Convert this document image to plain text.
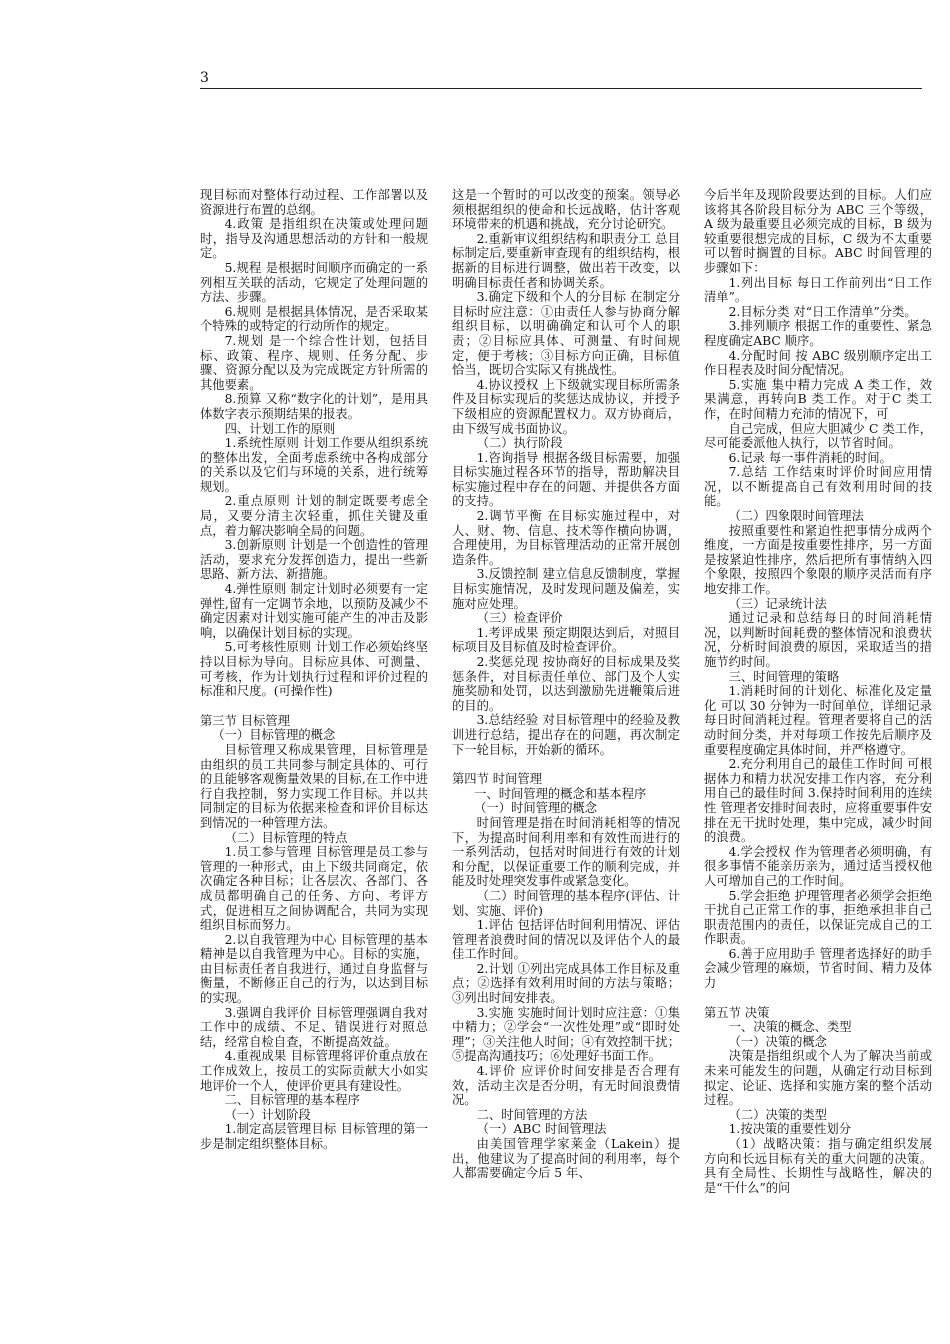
3

现目标而对整体行动过程、工作部署以及资源进行布置的总纲。

4.政策 是指组织在决策或处理问题时，指导及沟通思想活动的方针和一般规定。

5.规程 是根据时间顺序而确定的一系列相互关联的活动，它规定了处理问题的方法、步骤。

6.规则 是根据具体情况，是否采取某个特殊的或特定的行动所作的规定。

7.规划 是一个综合性计划，包括目标、政策、程序、规则、任务分配、步骤、资源分配以及为完成既定方针所需的其他要素。

8.预算 又称“数字化的计划”，是用具体数字表示预期结果的报表。

四、计划工作的原则

1.系统性原则 计划工作要从组织系统的整体出发，全面考虑系统中各构成部分的关系以及它们与环境的关系，进行统筹规划。

2.重点原则 计划的制定既要考虑全局，又要分清主次轻重，抓住关键及重点，着力解决影响全局的问题。

3.创新原则 计划是一个创造性的管理活动，要求充分发挥创造力，提出一些新思路、新方法、新措施。

4.弹性原则 制定计划时必须要有一定弹性,留有一定调节余地，以预防及减少不确定因素对计划实施可能产生的冲击及影响，以确保计划目标的实现。

5.可考核性原则 计划工作必须始终坚持以目标为导向。目标应具体、可测量、可考核，作为计划执行过程和评价过程的标准和尺度。(可操作性)

第三节 目标管理

（一）目标管理的概念

目标管理又称成果管理，目标管理是由组织的员工共同参与制定具体的、可行的且能够客观衡量效果的目标,在工作中进行自我控制，努力实现工作目标。并以共同制定的目标为依据来检查和评价目标达到情况的一种管理方法。

（二）目标管理的特点

1.员工参与管理 目标管理是员工参与管理的一种形式，由上下级共同商定，依次确定各种目标；让各层次、各部门、各成员都明确自己的任务、方向、考评方式，促进相互之间协调配合，共同为实现组织目标而努力。

2.以自我管理为中心 目标管理的基本精神是以自我管理为中心。目标的实施，由目标责任者自我进行，通过自身监督与衡量，不断修正自己的行为，以达到目标的实现。

3.强调自我评价 目标管理强调自我对工作中的成绩、不足、错误进行对照总结，经常自检自查，不断提高效益。

4.重视成果 目标管理将评价重点放在工作成效上，按员工的实际贡献大小如实地评价一个人，使评价更具有建设性。

二、目标管理的基本程序

（一）计划阶段

1.制定高层管理目标 目标管理的第一步是制定组织整体目标。

这是一个暂时的可以改变的预案。领导必须根据组织的使命和长远战略，估计客观环境带来的机遇和挑战，充分讨论研究。

2.重新审议组织结构和职责分工 总目标制定后,要重新审查现有的组织结构，根据新的目标进行调整，做出若干改变，以明确目标责任者和协调关系。

3.确定下级和个人的分目标 在制定分目标时应注意：①由责任人参与协商分解组织目标，以明确确定和认可个人的职责；②目标应具体、可测量、有时间规定，便于考核；③目标方向正确，目标值恰当，既切合实际又有挑战性。

4.协议授权 上下级就实现目标所需条件及目标实现后的奖惩达成协议，并授予下级相应的资源配置权力。双方协商后，由下级写成书面协议。

（二）执行阶段

1.咨询指导 根据各级目标需要，加强目标实施过程各环节的指导，帮助解决目标实施过程中存在的问题、并提供各方面的支持。

2.调节平衡 在目标实施过程中，对人、财、物、信息、技术等作横向协调，合理使用，为目标管理活动的正常开展创造条件。

3.反馈控制 建立信息反馈制度，掌握目标实施情况，及时发现问题及偏差，实施对应处理。

（三）检查评价

1.考评成果 预定期限达到后，对照目标项目及目标值及时检查评价。

2.奖惩兑现 按协商好的目标成果及奖惩条件，对目标责任单位、部门及个人实施奖励和处罚，以达到激励先进鞭策后进的目的。

3.总结经验 对目标管理中的经验及教训进行总结，提出存在的问题，再次制定下一轮目标，开始新的循环。

第四节 时间管理

一、时间管理的概念和基本程序

（一）时间管理的概念

时间管理是指在时间消耗相等的情况下，为提高时间利用率和有效性而进行的一系列活动，包括对时间进行有效的计划和分配，以保证重要工作的顺利完成，并能及时处理突发事件或紧急变化。

（二）时间管理的基本程序(评估、计划、实施、评价)

1.评估 包括评估时间利用情况、评估管理者浪费时间的情况以及评估个人的最佳工作时间。

2.计划 ①列出完成具体工作目标及重点；②选择有效利用时间的方法与策略；③列出时间安排表。

3.实施 实施时间计划时应注意：①集中精力；②学会“一次性处理”或“即时处理”；③关注他人时间；④有效控制干扰；⑤提高沟通技巧；⑥处理好书面工作。

4.评价 应评价时间安排是否合理有效，活动主次是否分明，有无时间浪费情况。

二、时间管理的方法

（一）ABC 时间管理法

由美国管理学家莱金（Lakein）提出，他建议为了提高时间的利用率，每个人都需要确定今后 5 年、

今后半年及现阶段要达到的目标。人们应该将其各阶段目标分为 ABC 三个等级，A 级为最重要且必须完成的目标，B 级为较重要很想完成的目标，C 级为不太重要可以暂时搁置的目标。ABC 时间管理的步骤如下：

1.列出目标 每日工作前列出“日工作清单”。

2.目标分类 对“日工作清单”分类。

3.排列顺序 根据工作的重要性、紧急程度确定ABC 顺序。

4.分配时间 按 ABC 级别顺序定出工作日程表及时间分配情况。

5.实施 集中精力完成 A 类工作，效果满意，再转向B 类工作。对于C 类工作，在时间精力充沛的情况下，可

自己完成，但应大胆减少 C 类工作，尽可能委派他人执行，以节省时间。

6.记录 每一事件消耗的时间。

7.总结 工作结束时评价时间应用情况，以不断提高自己有效利用时间的技能。

（二）四象限时间管理法

按照重要性和紧迫性把事情分成两个维度，一方面是按重要性排序，另一方面是按紧迫性排序，然后把所有事情纳入四个象限，按照四个象限的顺序灵活而有序地安排工作。

（三）记录统计法

通过记录和总结每日的时间消耗情况，以判断时间耗费的整体情况和浪费状况，分析时间浪费的原因，采取适当的措施节约时间。

三、时间管理的策略

1.消耗时间的计划化、标准化及定量化 可以 30 分钟为一时间单位，详细记录每日时间消耗过程。管理者要将自己的活动时间分类，并对每项工作按先后顺序及重要程度确定具体时间，并严格遵守。

2.充分利用自己的最佳工作时间 可根据体力和精力状况安排工作内容，充分利用自己的最佳时间 3.保持时间利用的连续性 管理者安排时间表时，应将重要事件安排在无干扰时处理，集中完成，减少时间的浪费。

4.学会授权 作为管理者必须明确，有很多事情不能亲历亲为，通过适当授权他人可增加自己的工作时间。

5.学会拒绝 护理管理者必须学会拒绝干扰自己正常工作的事，拒绝承担非自己职责范围内的责任，以保证完成自己的工作职责。

6.善于应用助手 管理者选择好的助手会减少管理的麻烦，节省时间、精力及体力

第五节 决策

一、决策的概念、类型

（一）决策的概念

决策是指组织或个人为了解决当前或未来可能发生的问题，从确定行动目标到拟定、论证、选择和实施方案的整个活动过程。

（二）决策的类型

1.按决策的重要性划分

（1）战略决策：指与确定组织发展方向和长远目标有关的重大问题的决策。具有全局性、长期性与战略性，解决的是“干什么”的问
